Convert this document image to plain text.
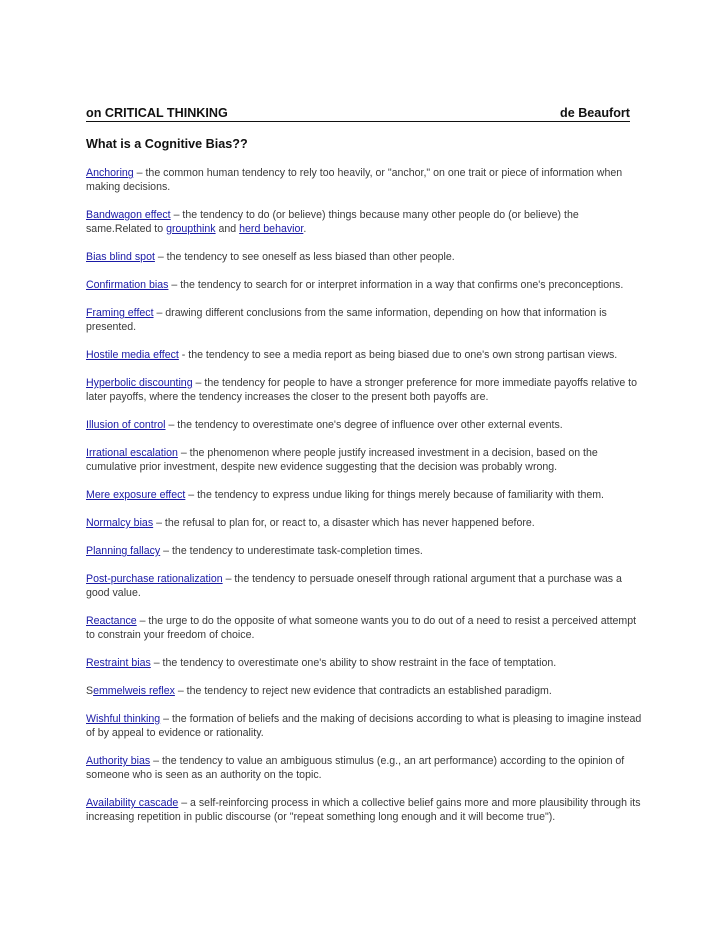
on CRITICAL THINKING	de Beaufort
What is a Cognitive Bias??

Anchoring – the common human tendency to rely too heavily, or "anchor," on one trait or piece of information when making decisions.

Bandwagon effect – the tendency to do (or believe) things because many other people do (or believe) the same.Related to groupthink and herd behavior.

Bias blind spot – the tendency to see oneself as less biased than other people.

Confirmation bias – the tendency to search for or interpret information in a way that confirms one's preconceptions.

Framing effect – drawing different conclusions from the same information, depending on how that information is presented.

Hostile media effect - the tendency to see a media report as being biased due to one's own strong partisan views.

Hyperbolic discounting – the tendency for people to have a stronger preference for more immediate payoffs relative to later payoffs, where the tendency increases the closer to the present both payoffs are.

Illusion of control – the tendency to overestimate one's degree of influence over other external events.

Irrational escalation – the phenomenon where people justify increased investment in a decision, based on the cumulative prior investment, despite new evidence suggesting that the decision was probably wrong.

Mere exposure effect – the tendency to express undue liking for things merely because of familiarity with them.

Normalcy bias – the refusal to plan for, or react to, a disaster which has never happened before.

Planning fallacy – the tendency to underestimate task-completion times.

Post-purchase rationalization – the tendency to persuade oneself through rational argument that a purchase was a good value.

Reactance – the urge to do the opposite of what someone wants you to do out of a need to resist a perceived attempt to constrain your freedom of choice.

Restraint bias – the tendency to overestimate one's ability to show restraint in the face of temptation.

Semmelweis reflex – the tendency to reject new evidence that contradicts an established paradigm.

Wishful thinking – the formation of beliefs and the making of decisions according to what is pleasing to imagine instead of by appeal to evidence or rationality.

Authority bias – the tendency to value an ambiguous stimulus (e.g., an art performance) according to the opinion of someone who is seen as an authority on the topic.

Availability cascade – a self-reinforcing process in which a collective belief gains more and more plausibility through its increasing repetition in public discourse (or "repeat something long enough and it will become true").
